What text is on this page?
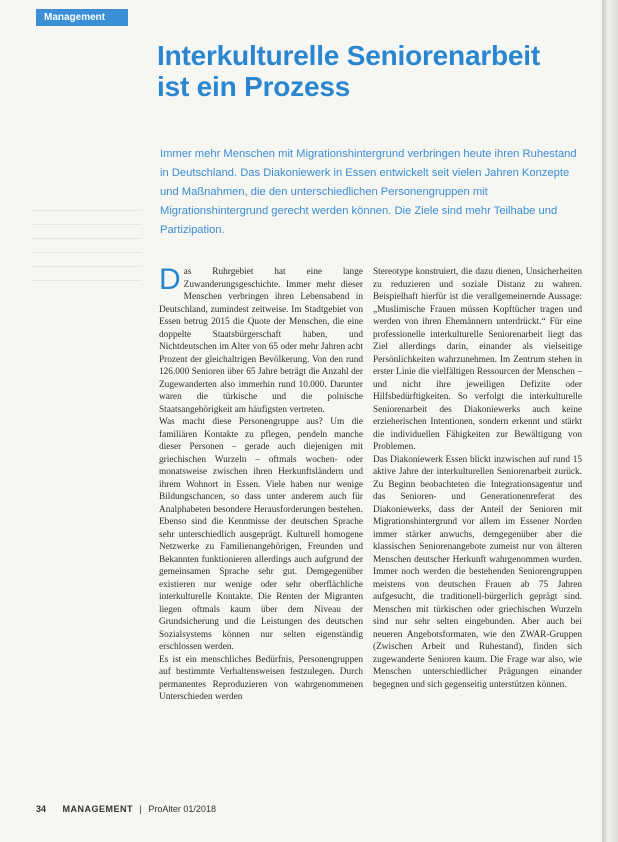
Management
Interkulturelle Seniorenarbeit
ist ein Prozess
Immer mehr Menschen mit Migrationshintergrund verbringen heute ihren Ruhestand in Deutschland. Das Diakoniewerk in Essen entwickelt seit vielen Jahren Konzepte und Maßnahmen, die den unterschiedlichen Personengruppen mit Migrationshintergrund gerecht werden können. Die Ziele sind mehr Teilhabe und Partizipation.

Das Ruhrgebiet hat eine lange Zuwanderungsgeschichte. Immer mehr dieser Menschen verbringen ihren Lebensabend in Deutschland, zumindest zeitweise. Im Stadtgebiet von Essen betrug 2015 die Quote der Menschen, die eine doppelte Staatsbürgerschaft haben, und Nichtdeutschen im Alter von 65 oder mehr Jahren acht Prozent der gleichaltrigen Bevölkerung. Von den rund 126.000 Senioren über 65 Jahre beträgt die Anzahl der Zugewanderten also immerhin rund 10.000. Darunter waren die türkische und die polnische Staatsangehörigkeit am häufigsten vertreten.

Was macht diese Personengruppe aus? Um die familiären Kontakte zu pflegen, pendeln manche dieser Personen – gerade auch diejenigen mit griechischen Wurzeln – oftmals wochen- oder monatsweise zwischen ihren Herkunftsländern und ihrem Wohnort in Essen. Viele haben nur wenige Bildungschancen, so dass unter anderem auch für Analphabeten besondere Herausforderungen bestehen. Ebenso sind die Kenntnisse der deutschen Sprache sehr unterschiedlich ausgeprägt. Kulturell homogene Netzwerke zu Familienangehörigen, Freunden und Bekannten funktionieren allerdings auch aufgrund der gemeinsamen Sprache sehr gut. Demgegenüber existieren nur wenige oder sehr oberflächliche interkulturelle Kontakte. Die Renten der Migranten liegen oftmals kaum über dem Niveau der Grundsicherung und die Leistungen des deutschen Sozialsystems können nur selten eigenständig erschlossen werden.

Es ist ein menschliches Bedürfnis, Personengruppen auf bestimmte Verhaltensweisen festzulegen. Durch permanentes Reproduzieren von wahrgenommenen Unterschieden werden

Stereotype konstruiert, die dazu dienen, Unsicherheiten zu reduzieren und soziale Distanz zu wahren. Beispielhaft hierfür ist die verallgemeinernde Aussage: „Muslimische Frauen müssen Kopftücher tragen und werden von ihren Ehemännern unterdrückt.“ Für eine professionelle interkulturelle Seniorenarbeit liegt das Ziel allerdings darin, einander als vielseitige Persönlichkeiten wahrzunehmen. Im Zentrum stehen in erster Linie die vielfältigen Ressourcen der Menschen – und nicht ihre jeweiligen Defizite oder Hilfsbedürftigkeiten. So verfolgt die interkulturelle Seniorenarbeit des Diakoniewerks auch keine erzieherischen Intentionen, sondern erkennt und stärkt die individuellen Fähigkeiten zur Bewältigung von Problemen.

Das Diakoniewerk Essen blickt inzwischen auf rund 15 aktive Jahre der interkulturellen Seniorenarbeit zurück. Zu Beginn beobachteten die Integrationsagentur und das Senioren- und Generationenreferat des Diakoniewerks, dass der Anteil der Senioren mit Migrationshintergrund vor allem im Essener Norden immer stärker anwuchs, demgegenüber aber die klassischen Seniorenangebote zumeist nur von älteren Menschen deutscher Herkunft wahrgenommen wurden. Immer noch werden die bestehenden Seniorengruppen meistens von deutschen Frauen ab 75 Jahren aufgesucht, die traditionell-bürgerlich geprägt sind. Menschen mit türkischen oder griechischen Wurzeln sind nur sehr selten eingebunden. Aber auch bei neueren Angebotsformaten, wie den ZWAR-Gruppen (Zwischen Arbeit und Ruhestand), finden sich zugewanderte Senioren kaum. Die Frage war also, wie Menschen unterschiedlicher Prägungen einander begegnen und sich gegenseitig unterstützen können.

34 MANAGEMENT | ProAlter 01/2018
